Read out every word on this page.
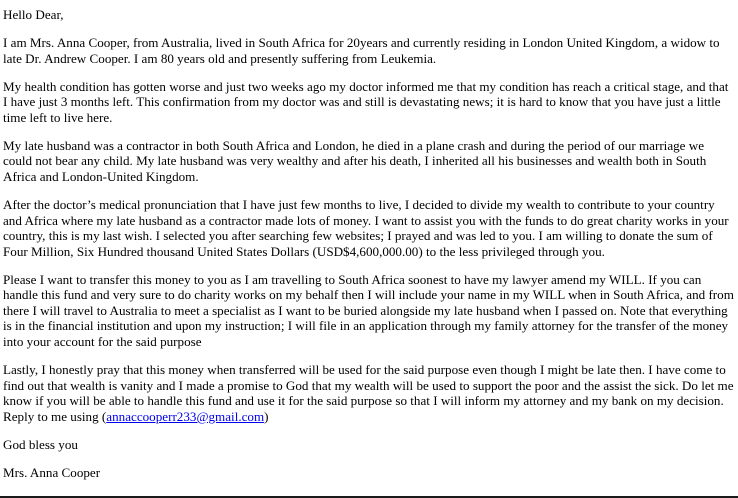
Hello Dear,

I am Mrs. Anna Cooper, from Australia, lived in South Africa for 20years and currently residing in London United Kingdom, a widow to late Dr. Andrew Cooper. I am 80 years old and presently suffering from Leukemia.

My health condition has gotten worse and just two weeks ago my doctor informed me that my condition has reach a critical stage, and that I have just 3 months left. This confirmation from my doctor was and still is devastating news; it is hard to know that you have just a little time left to live here.

My late husband was a contractor in both South Africa and London, he died in a plane crash and during the period of our marriage we could not bear any child. My late husband was very wealthy and after his death, I inherited all his businesses and wealth both in South Africa and London-United Kingdom.

After the doctor’s medical pronunciation that I have just few months to live, I decided to divide my wealth to contribute to your country and Africa where my late husband as a contractor made lots of money. I want to assist you with the funds to do great charity works in your country, this is my last wish. I selected you after searching few websites; I prayed and was led to you. I am willing to donate the sum of Four Million, Six Hundred thousand United States Dollars (USD$4,600,000.00) to the less privileged through you.

Please I want to transfer this money to you as I am travelling to South Africa soonest to have my lawyer amend my WILL. If you can handle this fund and very sure to do charity works on my behalf then I will include your name in my WILL when in South Africa, and from there I will travel to Australia to meet a specialist as I want to be buried alongside my late husband when I passed on. Note that everything is in the financial institution and upon my instruction; I will file in an application through my family attorney for the transfer of the money into your account for the said purpose

Lastly, I honestly pray that this money when transferred will be used for the said purpose even though I might be late then. I have come to find out that wealth is vanity and I made a promise to God that my wealth will be used to support the poor and the assist the sick. Do let me know if you will be able to handle this fund and use it for the said purpose so that I will inform my attorney and my bank on my decision. Reply to me using (annaccooperr233@gmail.com)

God bless you

Mrs. Anna Cooper
